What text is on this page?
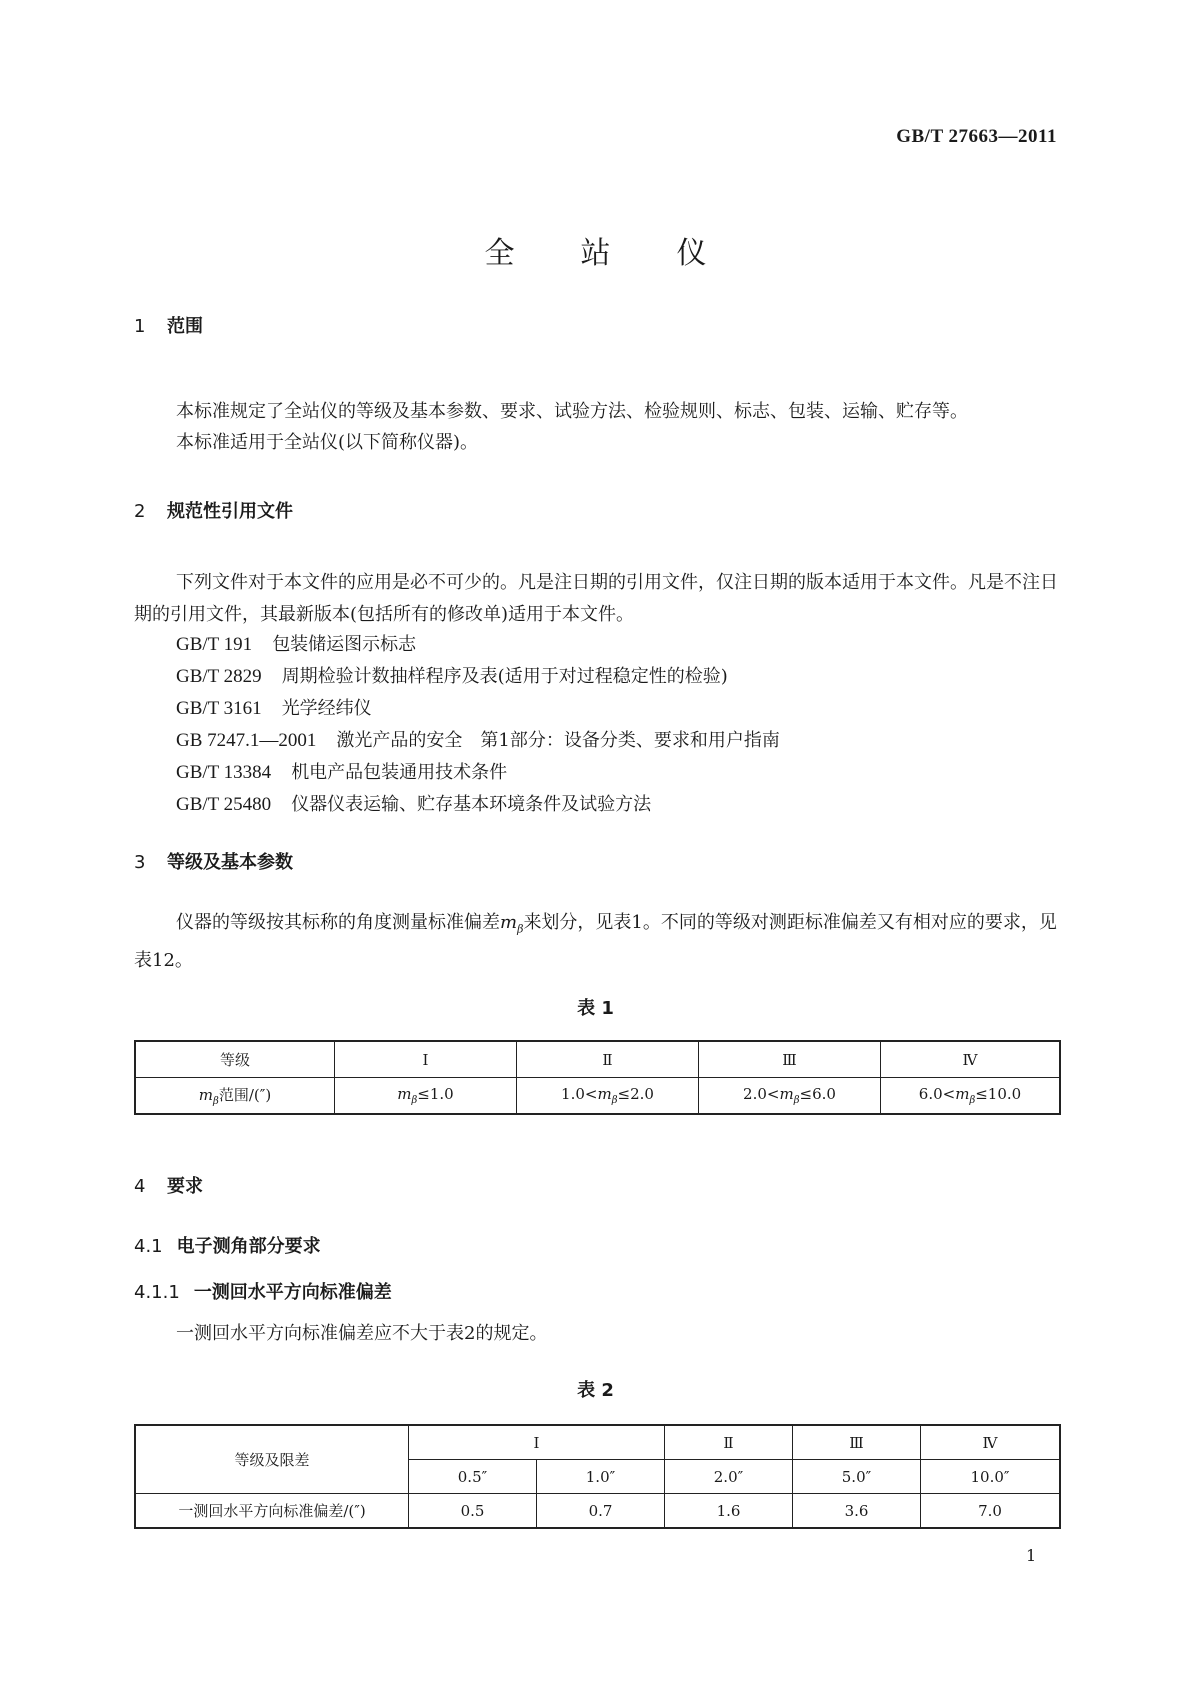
GB/T 27663—2011
全 站 仪
1 范围
本标准规定了全站仪的等级及基本参数、要求、试验方法、检验规则、标志、包装、运输、贮存等。
本标准适用于全站仪(以下简称仪器)。
2 规范性引用文件
下列文件对于本文件的应用是必不可少的。凡是注日期的引用文件，仅注日期的版本适用于本文件。凡是不注日期的引用文件，其最新版本(包括所有的修改单)适用于本文件。
GB/T 191 包装储运图示标志
GB/T 2829 周期检验计数抽样程序及表(适用于对过程稳定性的检验)
GB/T 3161 光学经纬仪
GB 7247.1—2001 激光产品的安全　第1部分：设备分类、要求和用户指南
GB/T 13384 机电产品包装通用技术条件
GB/T 25480 仪器仪表运输、贮存基本环境条件及试验方法
3 等级及基本参数
仪器的等级按其标称的角度测量标准偏差$m_\beta$来划分，见表1。不同的等级对测距标准偏差又有相对应的要求，见表12。
表 1
等级	Ⅰ	Ⅱ	Ⅲ	Ⅳ
$m_\beta$范围/(″)	$m_\beta\le 1.0$	$1.0<m_\beta\le 2.0$	$2.0<m_\beta\le 6.0$	$6.0<m_\beta\le 10.0$
4 要求
4.1 电子测角部分要求
4.1.1 一测回水平方向标准偏差
一测回水平方向标准偏差应不大于表2的规定。
表 2
等级及限差	Ⅰ		Ⅱ	Ⅲ	Ⅳ
	0.5″	1.0″	2.0″	5.0″	10.0″
一测回水平方向标准偏差/(″)	0.5	0.7	1.6	3.6	7.0
1
